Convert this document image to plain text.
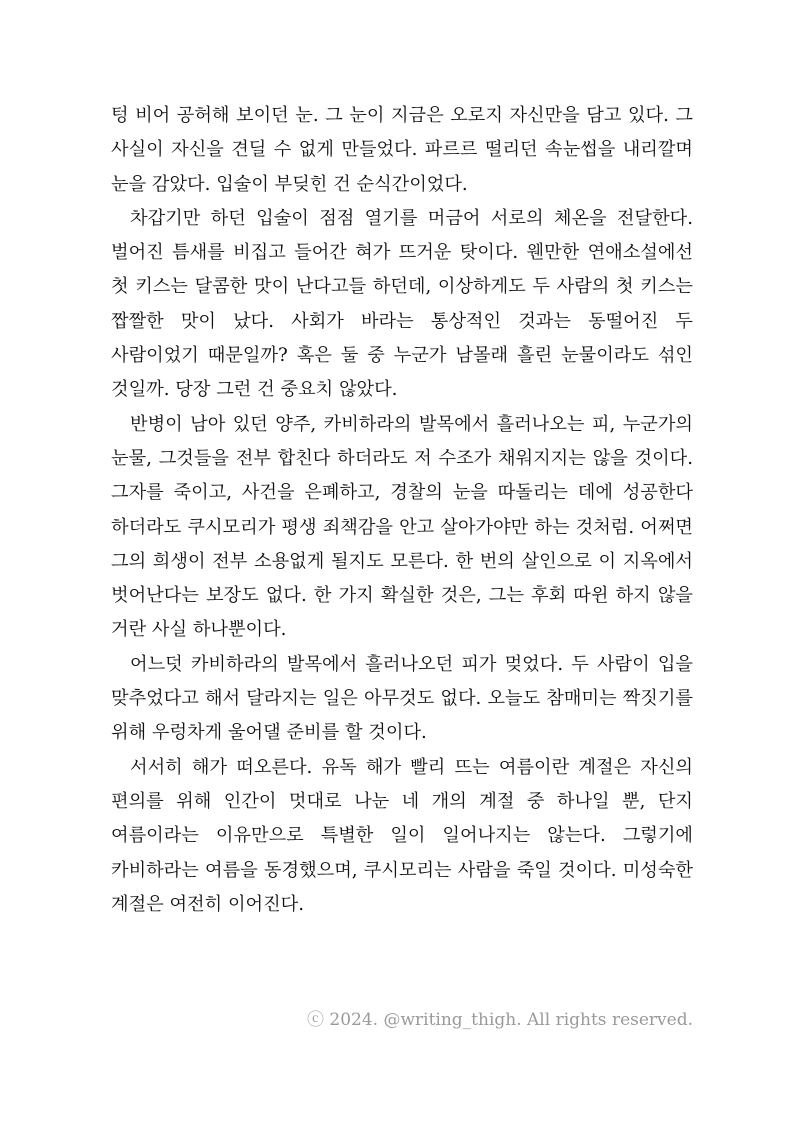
텅 비어 공허해 보이던 눈. 그 눈이 지금은 오로지 자신만을 담고 있다. 그 사실이 자신을 견딜 수 없게 만들었다. 파르르 떨리던 속눈썹을 내리깔며 눈을 감았다. 입술이 부딪힌 건 순식간이었다.

차갑기만 하던 입술이 점점 열기를 머금어 서로의 체온을 전달한다. 벌어진 틈새를 비집고 들어간 혀가 뜨거운 탓이다. 웬만한 연애소설에선 첫 키스는 달콤한 맛이 난다고들 하던데, 이상하게도 두 사람의 첫 키스는 짭짤한 맛이 났다. 사회가 바라는 통상적인 것과는 동떨어진 두 사람이었기 때문일까? 혹은 둘 중 누군가 남몰래 흘린 눈물이라도 섞인 것일까. 당장 그런 건 중요치 않았다.

반병이 남아 있던 양주, 카비하라의 발목에서 흘러나오는 피, 누군가의 눈물, 그것들을 전부 합친다 하더라도 저 수조가 채워지지는 않을 것이다. 그자를 죽이고, 사건을 은폐하고, 경찰의 눈을 따돌리는 데에 성공한다 하더라도 쿠시모리가 평생 죄책감을 안고 살아가야만 하는 것처럼. 어쩌면 그의 희생이 전부 소용없게 될지도 모른다. 한 번의 살인으로 이 지옥에서 벗어난다는 보장도 없다. 한 가지 확실한 것은, 그는 후회 따윈 하지 않을 거란 사실 하나뿐이다.

어느덧 카비하라의 발목에서 흘러나오던 피가 멎었다. 두 사람이 입을 맞추었다고 해서 달라지는 일은 아무것도 없다. 오늘도 참매미는 짝짓기를 위해 우렁차게 울어댈 준비를 할 것이다.

서서히 해가 떠오른다. 유독 해가 빨리 뜨는 여름이란 계절은 자신의 편의를 위해 인간이 멋대로 나눈 네 개의 계절 중 하나일 뿐, 단지 여름이라는 이유만으로 특별한 일이 일어나지는 않는다. 그렇기에 카비하라는 여름을 동경했으며, 쿠시모리는 사람을 죽일 것이다. 미성숙한 계절은 여전히 이어진다.

ⓒ 2024. @writing_thigh. All rights reserved.
